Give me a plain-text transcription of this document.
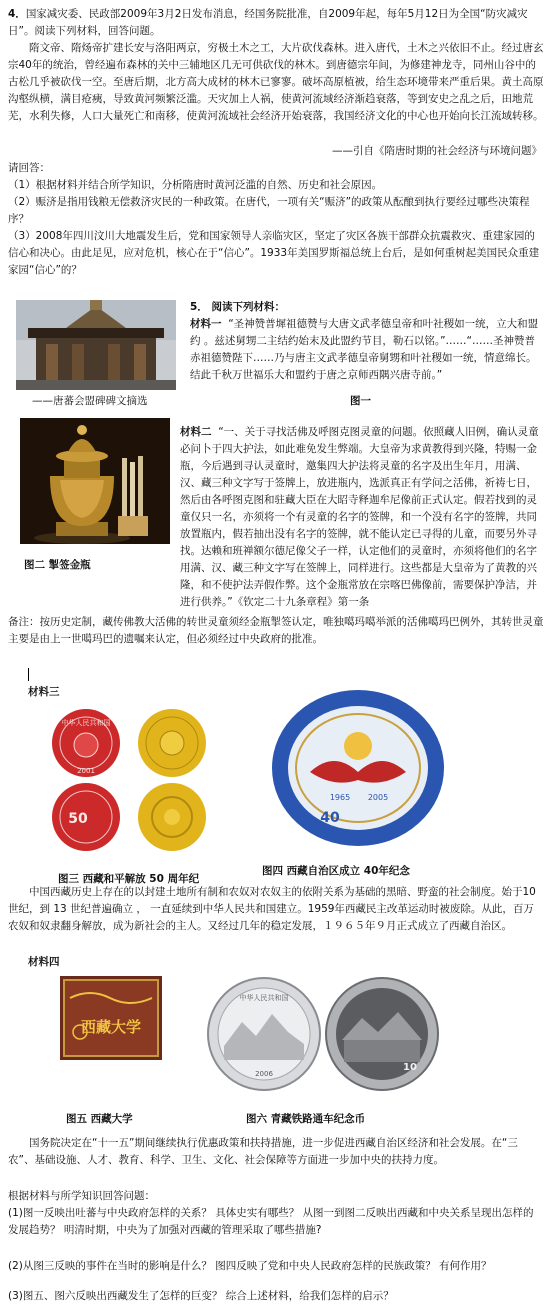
4．国家减灾委、民政部2009年3月2日发布消息，经国务院批准，自2009年起，每年5月12日为全国“防灾减灾日”。阅读下列材料，回答问题。

隋文帝、隋炀帝扩建长安与洛阳两京，穷极土木之工，大片砍伐森林。进入唐代，土木之兴依旧不止。经过唐玄宗40年的统治，曾经遍布森林的关中三辅地区几无可供砍伐的林木。到唐德宗年间，为修建神龙寺，同州山谷中的古松几乎被砍伐一空。至唐后期，北方高大成材的林木已寥寥。破坏高原植被，给生态环境带来严重后果。黄土高原沟壑纵横，满目疮痍，导致黄河频繁泛滥。天灾加上人祸，使黄河流域经济渐趋衰落，等到安史之乱之后，田地荒芜，水利失修，人口大量死亡和南移，使黄河流域社会经济开始衰落，我国经济文化的中心也开始向长江流域转移。

——引自《隋唐时期的社会经济与环境问题》

请回答：

（1）根据材料并结合所学知识，分析隋唐时黄河泛滥的自然、历史和社会原因。

（2）赈济是指用钱粮无偿救济灾民的一种政策。在唐代，一项有关“赈济”的政策从酝酿到执行要经过哪些决策程序？

（3）2008年四川汶川大地震发生后，党和国家领导人亲临灾区，坚定了灾区各族干部群众抗震救灾、重建家园的信心和决心。由此足见，应对危机，核心在于“信心”。1933年美国罗斯福总统上台后，是如何重树起美国民众重建家园“信心”的？

5． 阅读下列材料：

材料一 “圣神赞普墀祖德赞与大唐文武孝德皇帝和叶社稷如一统，立大和盟约 。兹述舅甥二主结约始末及此盟约节目，勒石以铭。”……“……圣神赞普赤祖德赞陛下……乃与唐主文武孝德皇帝舅甥和叶社稷如一统，情意绵长。结此千秋万世福乐大和盟约于唐之京师西隅兴唐寺前。”

——唐蕃会盟碑碑文摘选	图一

材料二 “一、关于寻找活佛及呼图克图灵童的问题。依照藏人旧例，确认灵童必问卜于四大护法，如此难免发生弊端。大皇帝为求黄教得到兴隆，特赐一金瓶，今后遇到寻认灵童时，邀集四大护法将灵童的名字及出生年月，用满、汉、藏三种文字写于签牌上，放进瓶内，选派真正有学问之活佛，祈祷七日，然后由各呼图克图和驻藏大臣在大昭寺释迦牟尼像前正式认定。假若找到的灵童仅只一名，亦须将一个有灵童的名字的签牌，和一个没有名字的签牌，共同放置瓶内，假若抽出没有名字的签牌，就不能认定已寻得的儿童，而要另外寻找。达赖和班禅额尔德尼像父子一样，认定他们的灵童时，亦须将他们的名字用满、汉、藏三种文字写在签牌上，同样进行。这些都是大皇帝为了黄教的兴隆，和不使护法弄假作弊。这个金瓶常放在宗喀巴佛像前，需要保护净洁，并进行供养。”《钦定二十九条章程》第一条

图二 掣签金瓶

备注：按历史定制，藏传佛教大活佛的转世灵童须经金瓶掣签认定，唯独噶玛噶举派的活佛噶玛巴例外，其转世灵童主要是由上一世噶玛巴的遗嘱来认定，但必须经过中央政府的批准。

材料三

中华人民共和国
2001
50

图三 西藏和平解放 50 周年纪

1965 2005
40

图四 西藏自治区成立 40年纪念

中国西藏历史上存在的以封建土地所有制和农奴对农奴主的依附关系为基础的黑暗、野蛮的社会制度。始于10世纪，到 13 世纪普遍确立 ， 一直延续到中华人民共和国建立。1959年西藏民主改革运动时被废除。从此，百万农奴和奴隶翻身解放，成为新社会的主人。又经过几年的稳定发展，１９６５年９月正式成立了西藏自治区。

材料四

西藏大学

图五 西藏大学

中华人民共和国
2006
10

图六 青藏铁路通车纪念币

国务院决定在“十一五”期间继续执行优惠政策和扶持措施，进一步促进西藏自治区经济和社会发展。在“三农”、基础设施、人才、教育、科学、卫生、文化、社会保障等方面进一步加中央的扶持力度。

根据材料与所学知识回答问题：

(1)图一反映出吐蕃与中央政府怎样的关系？ 具体史实有哪些？ 从图一到图二反映出西藏和中央关系呈现出怎样的发展趋势？ 明清时期，中央为了加强对西藏的管理采取了哪些措施?

(2)从图三反映的事件在当时的影响是什么？ 图四反映了党和中央人民政府怎样的民族政策？ 有何作用？

(3)图五、图六反映出西藏发生了怎样的巨变？ 综合上述材料，给我们怎样的启示？
